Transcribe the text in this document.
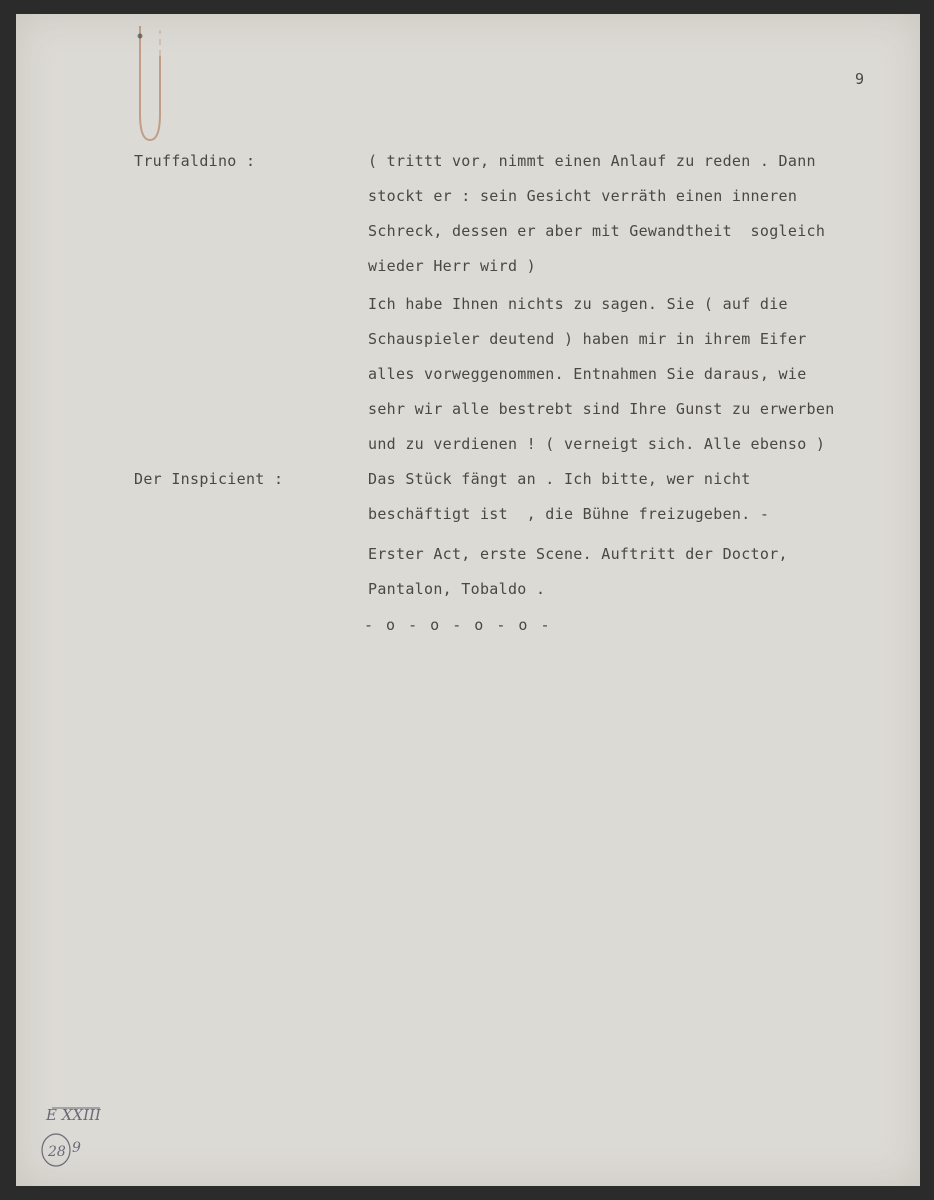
9
Truffaldino :
Der Inspicient :
( trittt vor, nimmt einen Anlauf zu reden . Dann
stockt er : sein Gesicht verräth einen inneren
Schreck, dessen er aber mit Gewandtheit  sogleich
wieder Herr wird )
Ich habe Ihnen nichts zu sagen. Sie ( auf die
Schauspieler deutend ) haben mir in ihrem Eifer
alles vorweggenommen. Entnahmen Sie daraus, wie
sehr wir alle bestrebt sind Ihre Gunst zu erwerben
und zu verdienen ! ( verneigt sich. Alle ebenso )
Das Stück fängt an . Ich bitte, wer nicht
beschäftigt ist  , die Bühne freizugeben. -
Erster Act, erste Scene. Auftritt der Doctor,
Pantalon, Tobaldo .
- o - o - o - o -
E XXIII
28 9
